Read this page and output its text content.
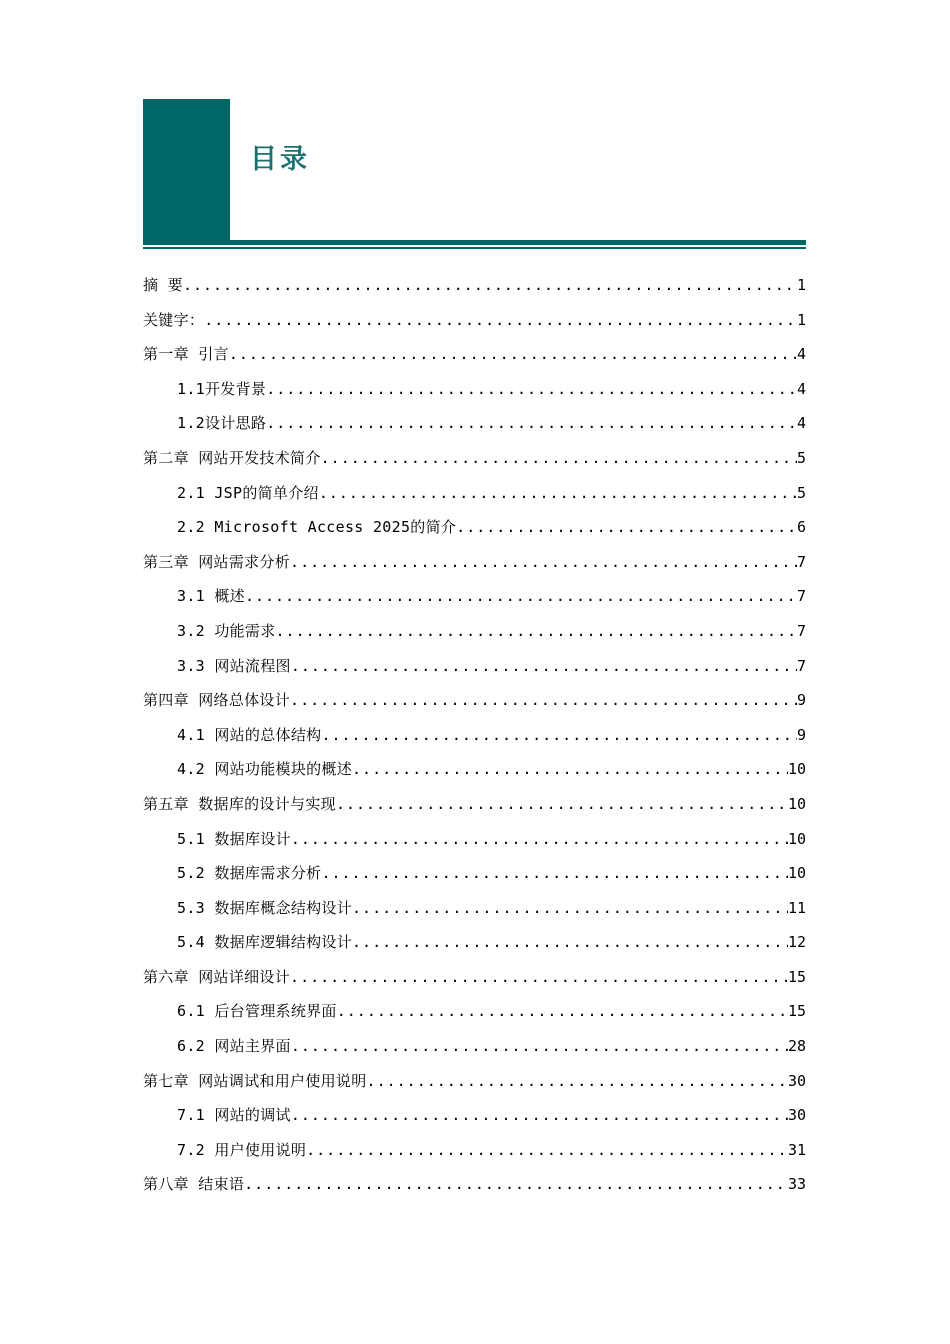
目录
摘 要 .....	1
关键字： .....	1
第一章 引言 .....	4
1.1开发背景 .....	4
1.2设计思路 .....	4
第二章 网站开发技术简介 .....	5
2.1 JSP的简单介绍 .....	5
2.2 Microsoft Access 2025的简介 .....	6
第三章 网站需求分析 .....	7
3.1 概述 .....	7
3.2 功能需求 .....	7
3.3 网站流程图 .....	7
第四章 网络总体设计 .....	9
4.1 网站的总体结构 .....	9
4.2 网站功能模块的概述 .....	10
第五章 数据库的设计与实现 .....	10
5.1 数据库设计 .....	10
5.2 数据库需求分析 .....	10
5.3 数据库概念结构设计 .....	11
5.4 数据库逻辑结构设计 .....	12
第六章 网站详细设计 .....	15
6.1 后台管理系统界面 .....	15
6.2 网站主界面 .....	28
第七章 网站调试和用户使用说明 .....	30
7.1 网站的调试 .....	30
7.2 用户使用说明 .....	31
第八章 结束语 .....	33
